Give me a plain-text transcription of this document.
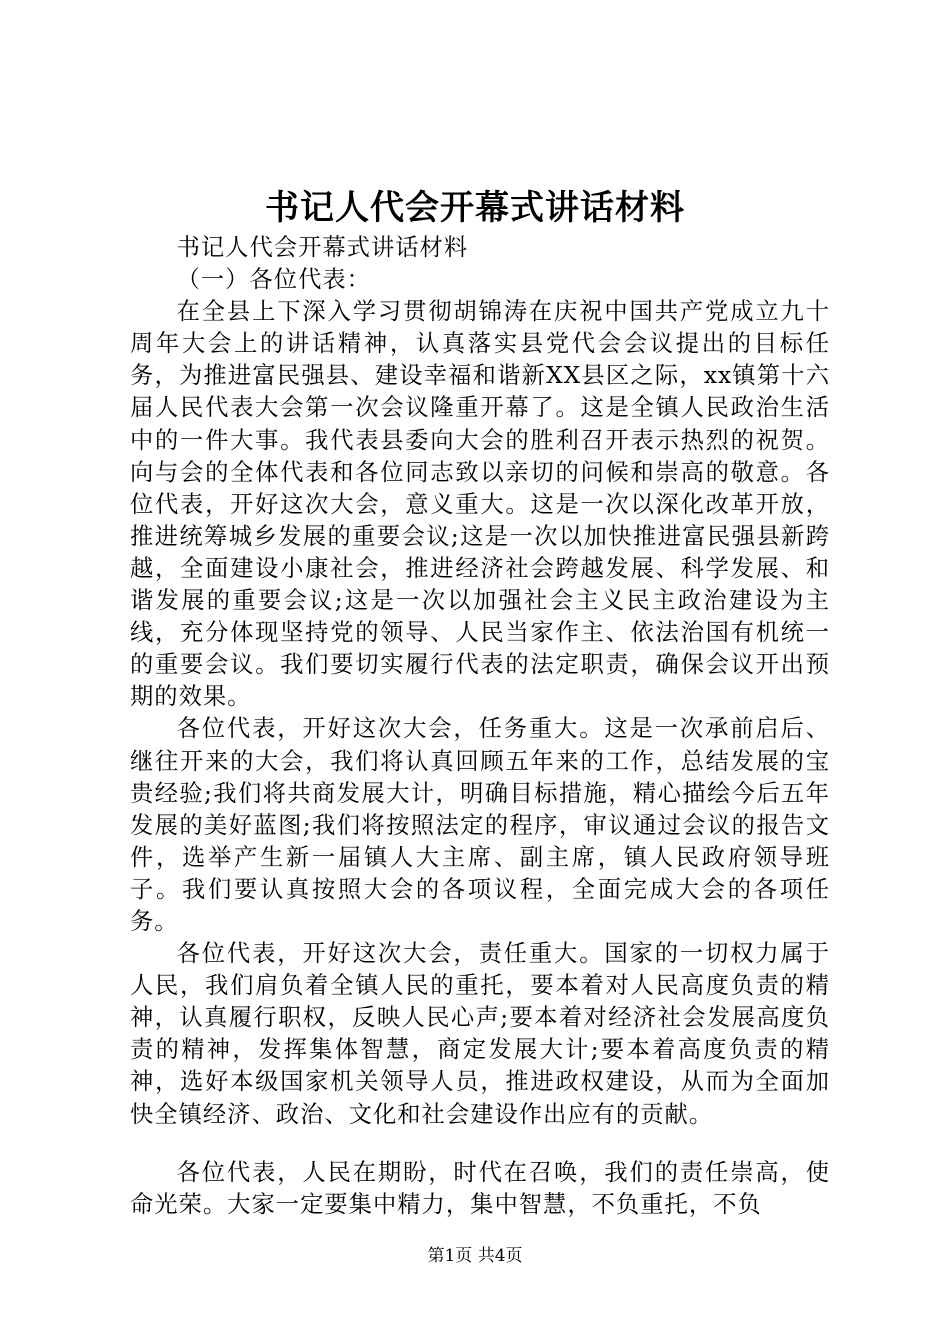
书记人代会开幕式讲话材料

书记人代会开幕式讲话材料

（一）各位代表：

在全县上下深入学习贯彻胡锦涛在庆祝中国共产党成立九十周年大会上的讲话精神，认真落实县党代会会议提出的目标任务，为推进富民强县、建设幸福和谐新XX县区之际，xx镇第十六届人民代表大会第一次会议隆重开幕了。这是全镇人民政治生活中的一件大事。我代表县委向大会的胜利召开表示热烈的祝贺。向与会的全体代表和各位同志致以亲切的问候和崇高的敬意。各位代表，开好这次大会，意义重大。这是一次以深化改革开放，推进统筹城乡发展的重要会议;这是一次以加快推进富民强县新跨越，全面建设小康社会，推进经济社会跨越发展、科学发展、和谐发展的重要会议;这是一次以加强社会主义民主政治建设为主线，充分体现坚持党的领导、人民当家作主、依法治国有机统一的重要会议。我们要切实履行代表的法定职责，确保会议开出预期的效果。

各位代表，开好这次大会，任务重大。这是一次承前启后、继往开来的大会，我们将认真回顾五年来的工作，总结发展的宝贵经验;我们将共商发展大计，明确目标措施，精心描绘今后五年发展的美好蓝图;我们将按照法定的程序，审议通过会议的报告文件，选举产生新一届镇人大主席、副主席，镇人民政府领导班子。我们要认真按照大会的各项议程，全面完成大会的各项任务。

各位代表，开好这次大会，责任重大。国家的一切权力属于人民，我们肩负着全镇人民的重托，要本着对人民高度负责的精神，认真履行职权，反映人民心声;要本着对经济社会发展高度负责的精神，发挥集体智慧，商定发展大计;要本着高度负责的精神，选好本级国家机关领导人员，推进政权建设，从而为全面加快全镇经济、政治、文化和社会建设作出应有的贡献。

各位代表，人民在期盼，时代在召唤，我们的责任崇高，使命光荣。大家一定要集中精力，集中智慧，不负重托，不负

第1页 共4页
